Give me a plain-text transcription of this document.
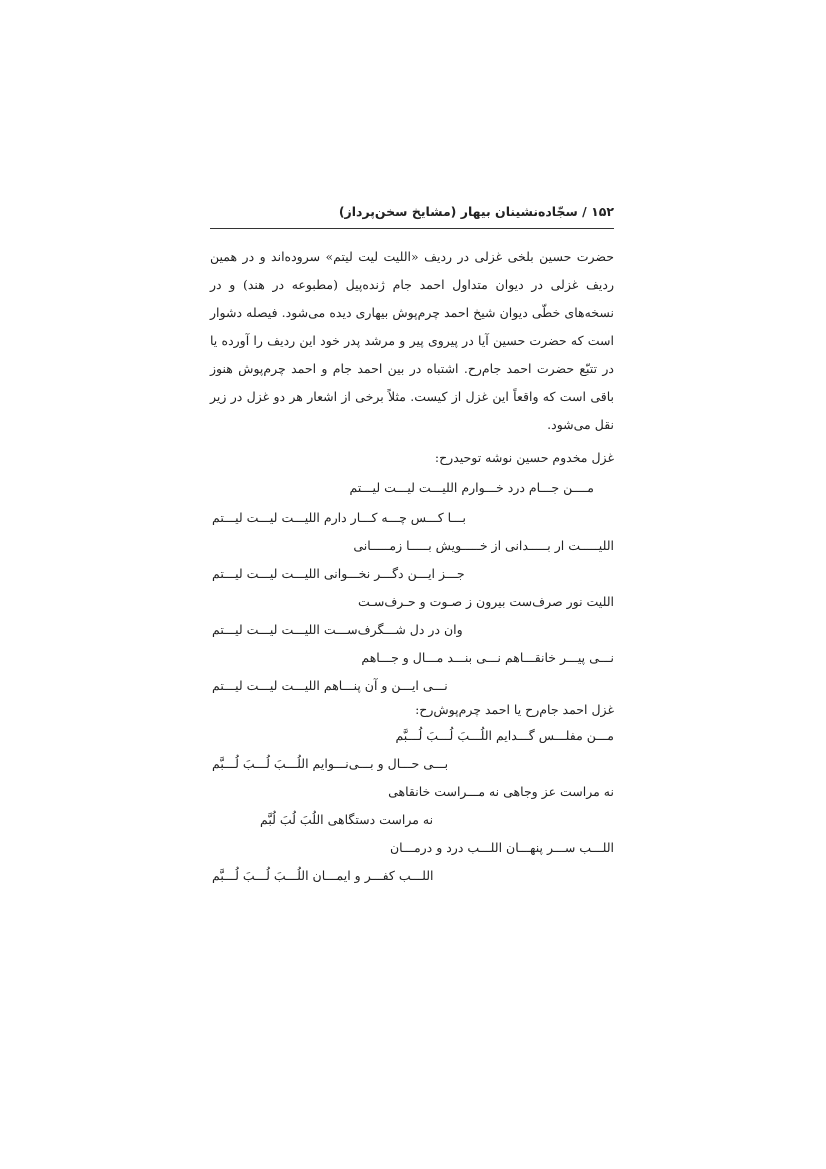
۱۵۲ / سجّاده‌نشینان بیهار (مشایخ سخن‌پرداز)
حضرت حسین بلخی غزلی در ردیف «اللیت لیت لیتم» سروده‌اند و در همین ردیف غزلی در دیوان متداول احمد جام ژنده‌پیل (مطبوعه در هند) و در نسخه‌های خطّی دیوان شیخ احمد چرم‌پوش بیهاری دیده می‌شود. فیصله دشوار است که حضرت حسین آیا در پیروی پیر و مرشد پدر خود این ردیف را آورده یا در تتبّع حضرت احمد جام‌رح. اشتباه در بین احمد جام و احمد چرم‌پوش هنوز باقی است که واقعاً این غزل از کیست. مثلاً برخی از اشعار هر دو غزل در زیر نقل می‌شود.
غزل مخدوم حسین نوشه توحیدرح:
مــــن جـــام درد خـــوارم اللیـــت لیـــت لیـــتم
بـــا کـــس چـــه کـــار دارم اللیـــت لیـــت لیـــتم
اللیـــــت ار بـــــدانی از خـــــویش بـــــا زمـــــانی
جـــز ایـــن دگـــر نخـــوانی اللیـــت لیـــت لیـــتم
اللیت نور صرف‌ست بیرون ز صـوت و حـرف‌سـت
وان در دل شـــگرف‌ســـت اللیـــت لیـــت لیـــتم
نـــی پیـــر خانقـــاهم نـــی بنـــد مـــال و جـــاهم
نـــی ایـــن و آن پنـــاهم اللیـــت لیـــت لیـــتم
غزل احمد جام‌رح یا احمد چرم‌پوش‌رح:
مـــن مفلـــس گـــدایم اللُـــبَ لُـــبَ لُـــبَّم
بـــی حـــال و بـــی‌نـــوایم اللُـــبَ لُـــبَ لُـــبَّم
نه مراست عز وجاهی نه مـــراست خانقاهی
نه مراست دستگاهی اللُبَ لُبَ لُبَّم
اللـــب ســـر پنهـــان اللـــب درد و درمـــان
اللـــب کفـــر و ایمـــان اللُـــبَ لُـــبَ لُـــبَّم
